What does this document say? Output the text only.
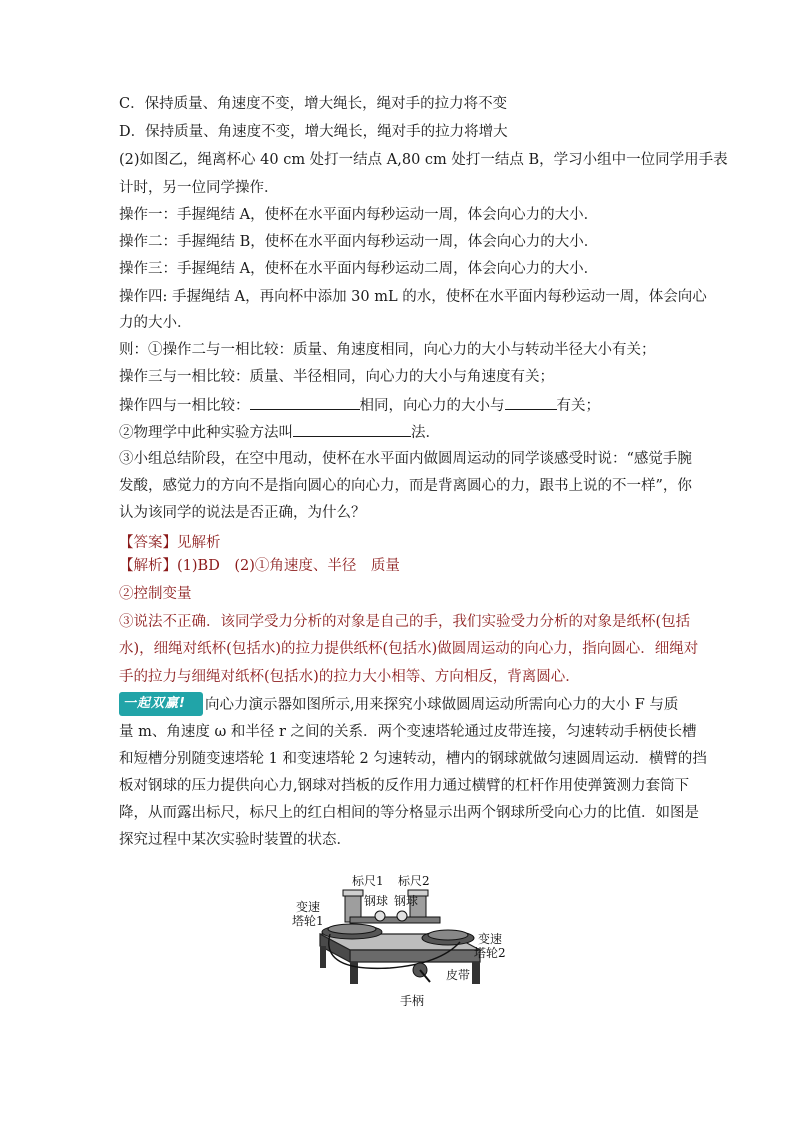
C．保持质量、角速度不变，增大绳长，绳对手的拉力将不变
D．保持质量、角速度不变，增大绳长，绳对手的拉力将增大
(2)如图乙，绳离杯心 40 cm 处打一结点 A,80 cm 处打一结点 B，学习小组中一位同学用手表
计时，另一位同学操作．
操作一：手握绳结 A，使杯在水平面内每秒运动一周，体会向心力的大小．
操作二：手握绳结 B，使杯在水平面内每秒运动一周，体会向心力的大小．
操作三：手握绳结 A，使杯在水平面内每秒运动二周，体会向心力的大小．
操作四: 手握绳结 A，再向杯中添加 30 mL 的水，使杯在水平面内每秒运动一周，体会向心
力的大小．
则：①操作二与一相比较：质量、角速度相同，向心力的大小与转动半径大小有关；
操作三与一相比较：质量、半径相同，向心力的大小与角速度有关；
操作四与一相比较：	相同，向心力的大小与	有关；
②物理学中此种实验方法叫	法．
③小组总结阶段，在空中甩动，使杯在水平面内做圆周运动的同学谈感受时说：“感觉手腕
发酸，感觉力的方向不是指向圆心的向心力，而是背离圆心的力，跟书上说的不一样”，你
认为该同学的说法是否正确，为什么？
【答案】见解析
【解析】(1)BD　(2)①角速度、半径　质量
②控制变量
③说法不正确．该同学受力分析的对象是自己的手，我们实验受力分析的对象是纸杯(包括
水)，细绳对纸杯(包括水)的拉力提供纸杯(包括水)做圆周运动的向心力，指向圆心．细绳对
手的拉力与细绳对纸杯(包括水)的拉力大小相等、方向相反，背离圆心．
一起双赢! 向心力演示器如图所示,用来探究小球做圆周运动所需向心力的大小 F 与质
量 m、角速度 ω 和半径 r 之间的关系．两个变速塔轮通过皮带连接，匀速转动手柄使长槽
和短槽分别随变速塔轮 1 和变速塔轮 2 匀速转动，槽内的钢球就做匀速圆周运动．横臂的挡
板对钢球的压力提供向心力,钢球对挡板的反作用力通过横臂的杠杆作用使弹簧测力套筒下
降，从而露出标尺，标尺上的红白相间的等分格显示出两个钢球所受向心力的比值．如图是
探究过程中某次实验时装置的状态．
标尺1 标尺2
钢球 钢球
变速
塔轮1
变速
塔轮2
皮带
手柄
